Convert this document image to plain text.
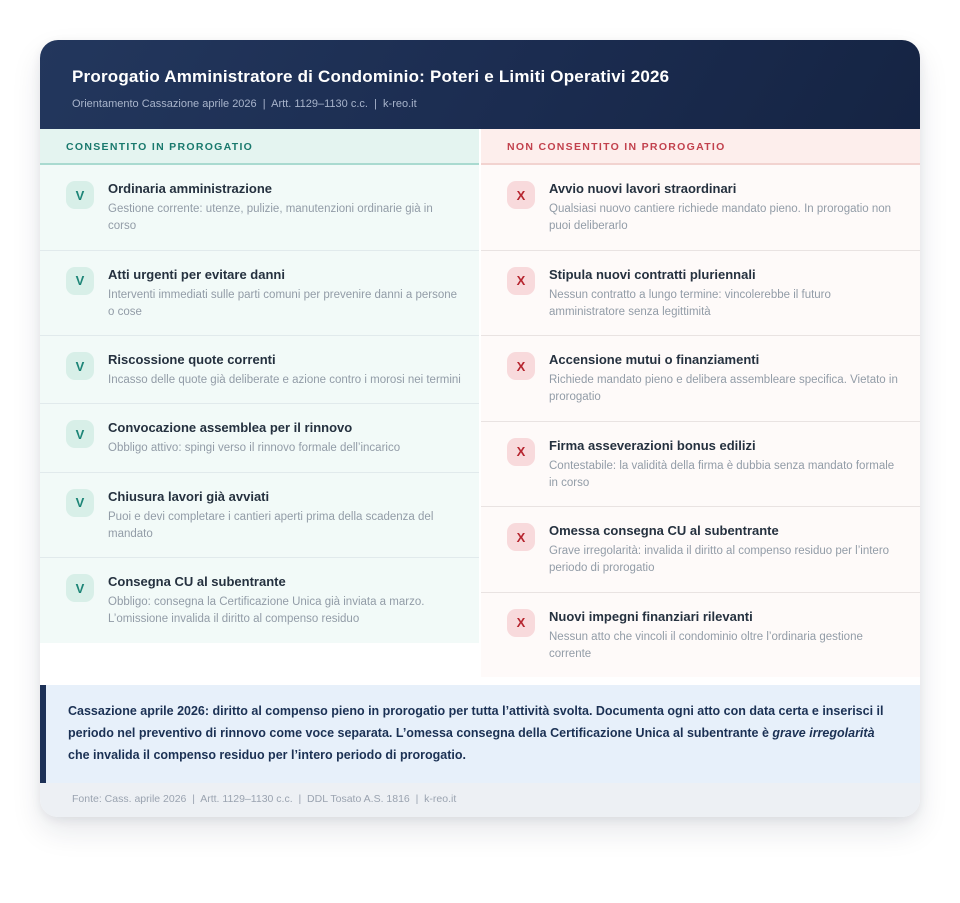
Prorogatio Amministratore di Condominio: Poteri e Limiti Operativi 2026
Orientamento Cassazione aprile 2026  |  Artt. 1129–1130 c.c.  |  k-reo.it
CONSENTITO IN PROROGATIO	NON CONSENTITO IN PROROGATIO
V	Ordinaria amministrazione
Gestione corrente: utenze, pulizie, manutenzioni ordinarie già in corso
V	Atti urgenti per evitare danni
Interventi immediati sulle parti comuni per prevenire danni a persone o cose
V	Riscossione quote correnti
Incasso delle quote già deliberate e azione contro i morosi nei termini
V	Convocazione assemblea per il rinnovo
Obbligo attivo: spingi verso il rinnovo formale dell’incarico
V	Chiusura lavori già avviati
Puoi e devi completare i cantieri aperti prima della scadenza del mandato
V	Consegna CU al subentrante
Obbligo: consegna la Certificazione Unica già inviata a marzo. L’omissione invalida il diritto al compenso residuo
X	Avvio nuovi lavori straordinari
Qualsiasi nuovo cantiere richiede mandato pieno. In prorogatio non puoi deliberarlo
X	Stipula nuovi contratti pluriennali
Nessun contratto a lungo termine: vincolerebbe il futuro amministratore senza legittimità
X	Accensione mutui o finanziamenti
Richiede mandato pieno e delibera assembleare specifica. Vietato in prorogatio
X	Firma asseverazioni bonus edilizi
Contestabile: la validità della firma è dubbia senza mandato formale in corso
X	Omessa consegna CU al subentrante
Grave irregolarità: invalida il diritto al compenso residuo per l’intero periodo di prorogatio
X	Nuovi impegni finanziari rilevanti
Nessun atto che vincoli il condominio oltre l’ordinaria gestione corrente
Cassazione aprile 2026: diritto al compenso pieno in prorogatio per tutta l’attività svolta. Documenta ogni atto con data certa e inserisci il periodo nel preventivo di rinnovo come voce separata. L’omessa consegna della Certificazione Unica al subentrante è grave irregolarità che invalida il compenso residuo per l’intero periodo di prorogatio.
Fonte: Cass. aprile 2026  |  Artt. 1129–1130 c.c.  |  DDL Tosato A.S. 1816  |  k-reo.it
